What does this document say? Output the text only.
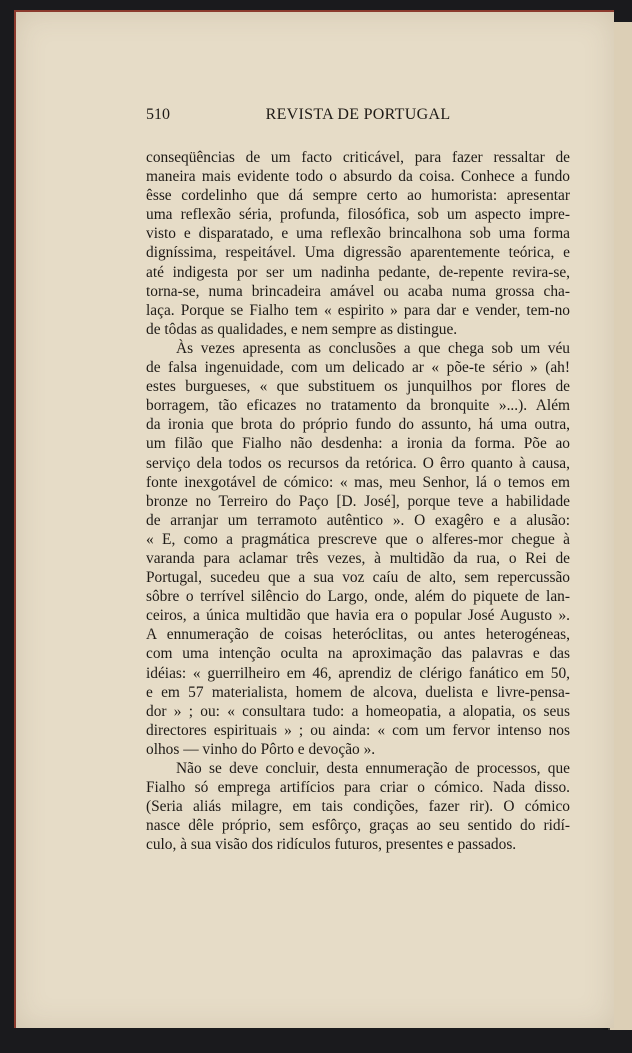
510	REVISTA DE PORTUGAL
conseqüências de um facto criticável, para fazer ressaltar de
maneira mais evidente todo o absurdo da coisa. Conhece a fundo
êsse cordelinho que dá sempre certo ao humorista: apresentar
uma reflexão séria, profunda, filosófica, sob um aspecto impre-
visto e disparatado, e uma reflexão brincalhona sob uma forma
digníssima, respeitável. Uma digressão aparentemente teórica, e
até indigesta por ser um nadinha pedante, de-repente revira-se,
torna-se, numa brincadeira amável ou acaba numa grossa cha-
laça. Porque se Fialho tem « espirito » para dar e vender, tem-no
de tôdas as qualidades, e nem sempre as distingue.
Às vezes apresenta as conclusões a que chega sob um véu
de falsa ingenuidade, com um delicado ar « põe-te sério » (ah!
estes burgueses, « que substituem os junquilhos por flores de
borragem, tão eficazes no tratamento da bronquite »...). Além
da ironia que brota do próprio fundo do assunto, há uma outra,
um filão que Fialho não desdenha: a ironia da forma. Põe ao
serviço dela todos os recursos da retórica. O êrro quanto à causa,
fonte inexgotável de cómico: « mas, meu Senhor, lá o temos em
bronze no Terreiro do Paço [D. José], porque teve a habilidade
de arranjar um terramoto autêntico ». O exagêro e a alusão:
« E, como a pragmática prescreve que o alferes-mor chegue à
varanda para aclamar três vezes, à multidão da rua, o Rei de
Portugal, sucedeu que a sua voz caíu de alto, sem repercussão
sôbre o terrível silêncio do Largo, onde, além do piquete de lan-
ceiros, a única multidão que havia era o popular José Augusto ».
A ennumeração de coisas heteróclitas, ou antes heterogéneas,
com uma intenção oculta na aproximação das palavras e das
idéias: « guerrilheiro em 46, aprendiz de clérigo fanático em 50,
e em 57 materialista, homem de alcova, duelista e livre-pensa-
dor » ; ou: « consultara tudo: a homeopatia, a alopatia, os seus
directores espirituais » ; ou ainda: « com um fervor intenso nos
olhos — vinho do Pôrto e devoção ».
Não se deve concluir, desta ennumeração de processos, que
Fialho só emprega artifícios para criar o cómico. Nada disso.
(Seria aliás milagre, em tais condições, fazer rir). O cómico
nasce dêle próprio, sem esfôrço, graças ao seu sentido do ridí-
culo, à sua visão dos ridículos futuros, presentes e passados.
